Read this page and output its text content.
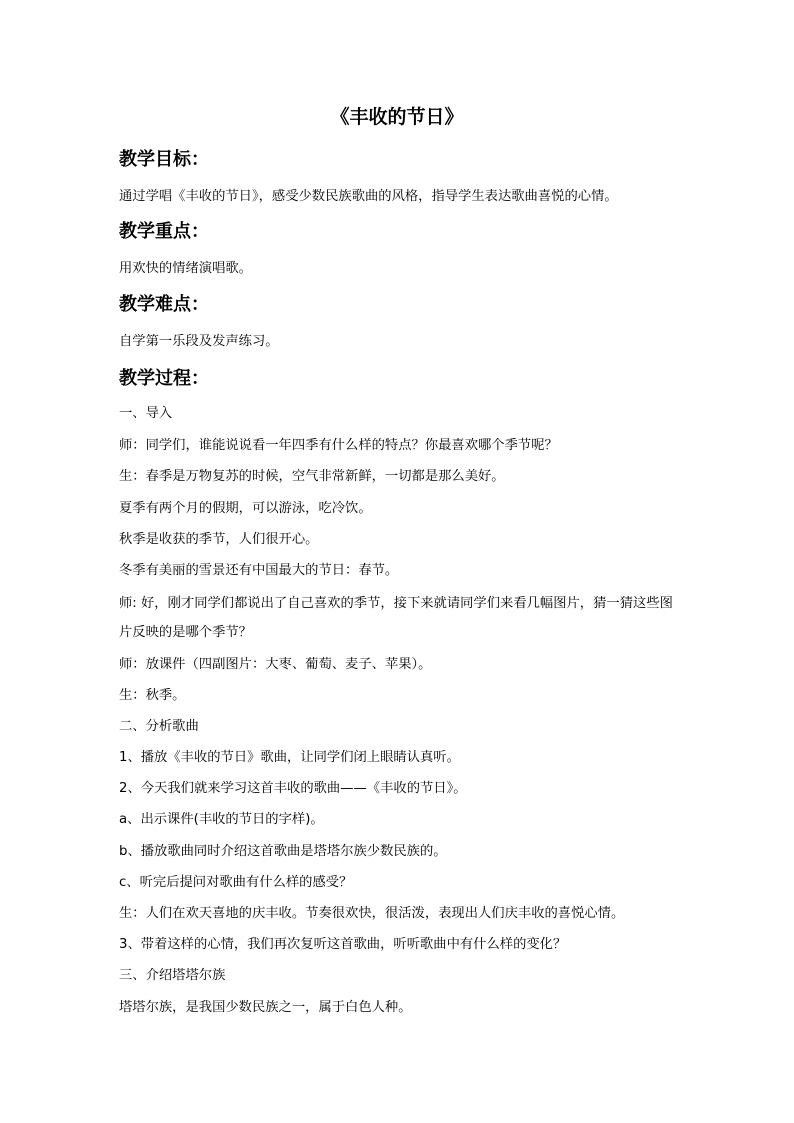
《丰收的节日》
教学目标：
通过学唱《丰收的节日》，感受少数民族歌曲的风格，指导学生表达歌曲喜悦的心情。
教学重点：
用欢快的情绪演唱歌。
教学难点：
自学第一乐段及发声练习。
教学过程：
一、导入
师：同学们，谁能说说看一年四季有什么样的特点？你最喜欢哪个季节呢？
生：春季是万物复苏的时候，空气非常新鲜，一切都是那么美好。
夏季有两个月的假期，可以游泳，吃冷饮。
秋季是收获的季节，人们很开心。
冬季有美丽的雪景还有中国最大的节日：春节。
师: 好，刚才同学们都说出了自己喜欢的季节，接下来就请同学们来看几幅图片，猜一猜这些图片反映的是哪个季节？
师：放课件（四副图片：大枣、葡萄、麦子、苹果）。
生：秋季。
二、分析歌曲
1、播放《丰收的节日》歌曲，让同学们闭上眼睛认真听。
2、今天我们就来学习这首丰收的歌曲——《丰收的节日》。
a、出示课件(丰收的节日的字样)。
b、播放歌曲同时介绍这首歌曲是塔塔尔族少数民族的。
c、听完后提问对歌曲有什么样的感受？
生：人们在欢天喜地的庆丰收。节奏很欢快，很活泼，表现出人们庆丰收的喜悦心情。
3、带着这样的心情，我们再次复听这首歌曲，听听歌曲中有什么样的变化？
三、介绍塔塔尔族
塔塔尔族，是我国少数民族之一，属于白色人种。
